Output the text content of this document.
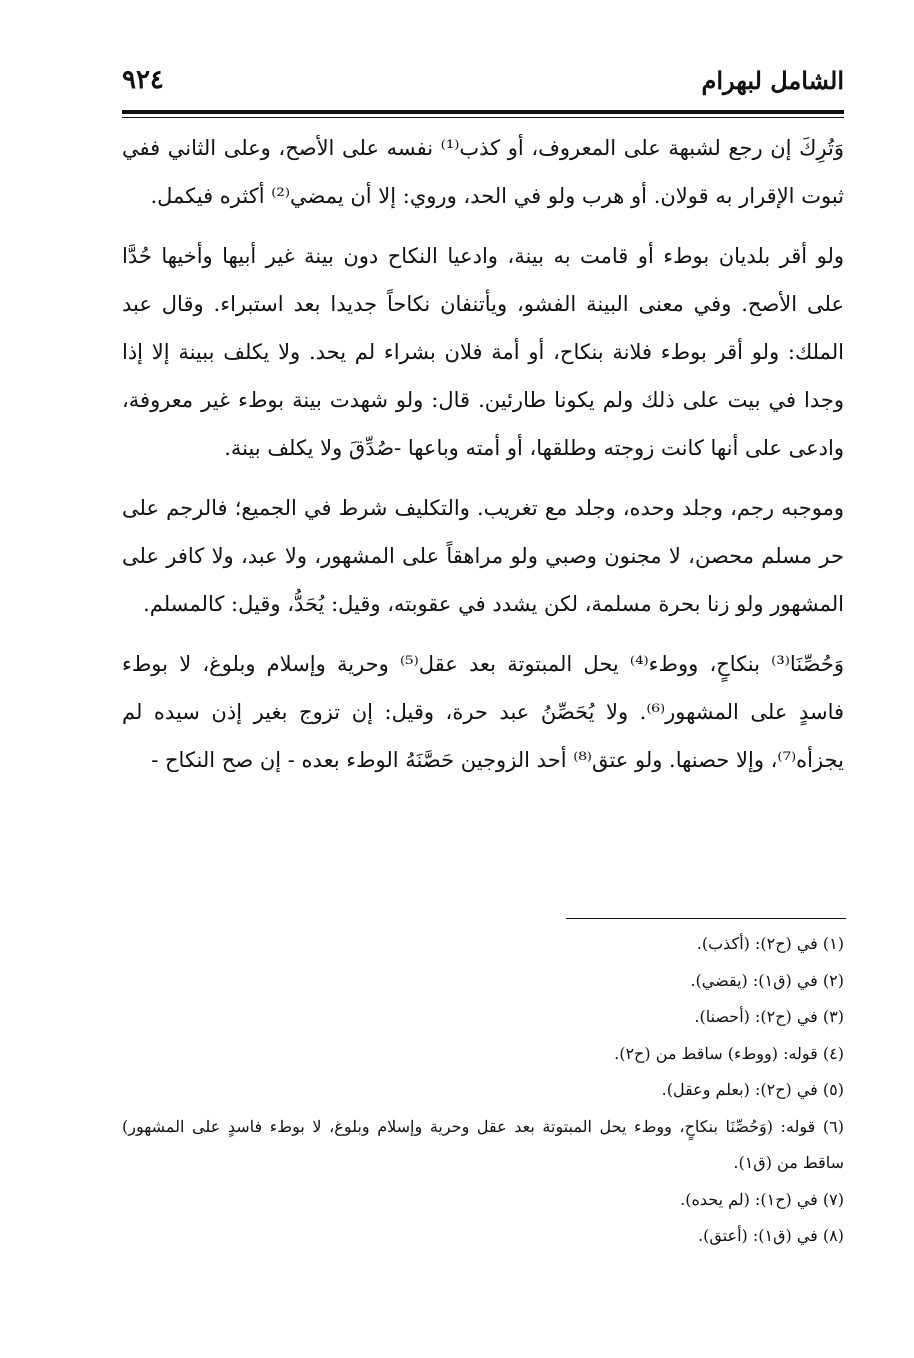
٩٢٤	الشامل لبهرام

وَتُرِكَ إن رجع لشبهة على المعروف، أو كذب⁽¹⁾ نفسه على الأصح، وعلى الثاني ففي ثبوت الإقرار به قولان. أو هرب ولو في الحد، وروي: إلا أن يمضي⁽²⁾ أكثره فيكمل.

ولو أقر بلديان بوطء أو قامت به بينة، وادعيا النكاح دون بينة غير أبيها وأخيها حُدَّا على الأصح. وفي معنى البينة الفشو، ويأتنفان نكاحاً جديدا بعد استبراء. وقال عبد الملك: ولو أقر بوطء فلانة بنكاح، أو أمة فلان بشراء لم يحد. ولا يكلف ببينة إلا إذا وجدا في بيت على ذلك ولم يكونا طارئين. قال: ولو شهدت بينة بوطء غير معروفة، وادعى على أنها كانت زوجته وطلقها، أو أمته وباعها -صُدِّقَ ولا يكلف بينة.

وموجبه رجم، وجلد وحده، وجلد مع تغريب. والتكليف شرط في الجميع؛ فالرجم على حر مسلم محصن، لا مجنون وصبي ولو مراهقاً على المشهور، ولا عبد، ولا كافر على المشهور ولو زنا بحرة مسلمة، لكن يشدد في عقوبته، وقيل: يُحَدُّ، وقيل: كالمسلم.

وَحُصِّنَا⁽³⁾ بنكاحٍ، ووطء⁽⁴⁾ يحل المبتوتة بعد عقل⁽⁵⁾ وحرية وإسلام وبلوغ، لا بوطء فاسدٍ على المشهور⁽⁶⁾. ولا يُحَصِّنُ عبد حرة، وقيل: إن تزوج بغير إذن سيده لم يجزأه⁽⁷⁾، وإلا حصنها. ولو عتق⁽⁸⁾ أحد الزوجين حَصَّنَهُ الوطء بعده - إن صح النكاح -

(١) في (ح٢): (أكذب).

(٢) في (ق١): (يقضي).

(٣) في (ح٢): (أحصنا).

(٤) قوله: (ووطء) ساقط من (ح٢).

(٥) في (ح٢): (بعلم وعقل).

(٦) قوله: (وَحُصِّنَا بنكاحٍ، ووطء يحل المبتوتة بعد عقل وحرية وإسلام وبلوغ، لا بوطء فاسدٍ على المشهور) ساقط من (ق١).

(٧) في (ح١): (لم يحده).

(٨) في (ق١): (أعتق).
